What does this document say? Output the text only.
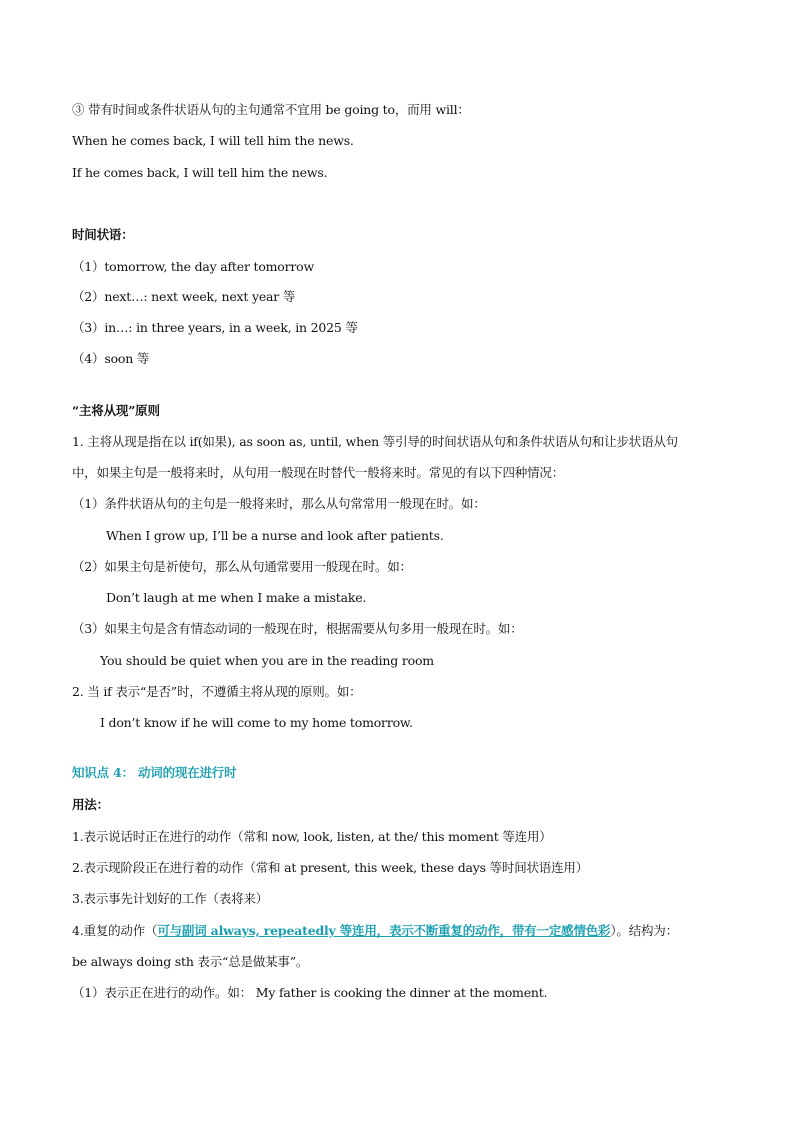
③ 带有时间或条件状语从句的主句通常不宜用 be going to，而用 will：
When he comes back, I will tell him the news.
If he comes back, I will tell him the news.
时间状语：
（1）tomorrow, the day after tomorrow
（2）next…: next week, next year 等
（3）in…: in three years, in a week, in 2025 等
（4）soon 等
“主将从现”原则
1. 主将从现是指在以 if(如果), as soon as, until, when 等引导的时间状语从句和条件状语从句和让步状语从句
中，如果主句是一般将来时，从句用一般现在时替代一般将来时。常见的有以下四种情况：
（1）条件状语从句的主句是一般将来时，那么从句常常用一般现在时。如：
When I grow up, I’ll be a nurse and look after patients.
（2）如果主句是祈使句，那么从句通常要用一般现在时。如：
Don’t laugh at me when I make a mistake.
（3）如果主句是含有情态动词的一般现在时，根据需要从句多用一般现在时。如：
You should be quiet when you are in the reading room
2. 当 if 表示“是否”时，不遵循主将从现的原则。如：
I don’t know if he will come to my home tomorrow.
知识点 4： 动词的现在进行时
用法：
1.表示说话时正在进行的动作（常和 now, look, listen, at the/ this moment 等连用）
2.表示现阶段正在进行着的动作（常和 at present, this week, these days 等时间状语连用）
3.表示事先计划好的工作（表将来）
4.重复的动作（可与副词 always, repeatedly 等连用，表示不断重复的动作，带有一定感情色彩）。结构为：
be always doing sth 表示“总是做某事”。
（1）表示正在进行的动作。如： My father is cooking the dinner at the moment.
